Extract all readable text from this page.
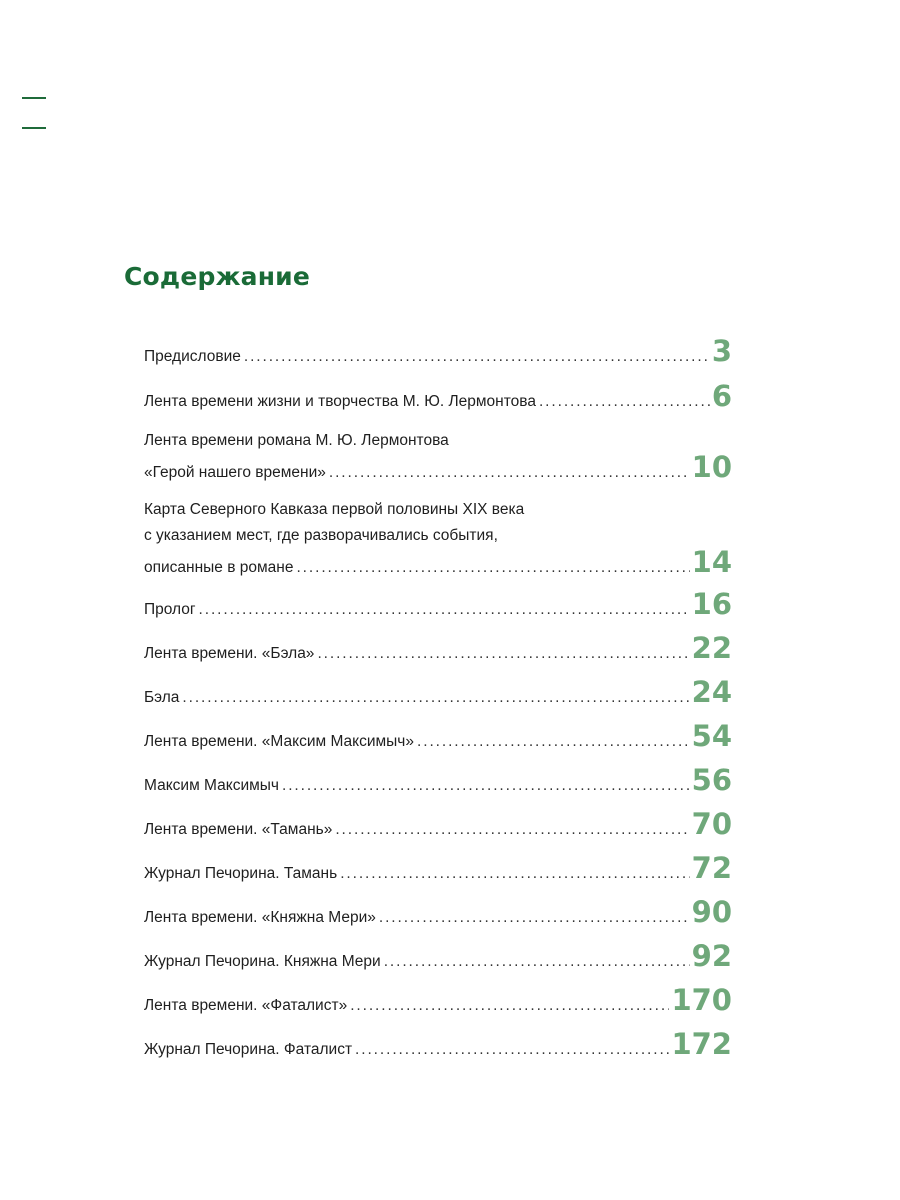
Содержание
Предисловие . . .	3
Лента времени жизни и творчества М. Ю. Лермонтова . . .	6
Лента времени романа М. Ю. Лермонтова
«Герой нашего времени» . . .	10
Карта Северного Кавказа первой половины XIX века
с указанием мест, где разворачивались события,
описанные в романе . . .	14
Пролог . . .	16
Лента времени. «Бэла» . . .	22
Бэла . . .	24
Лента времени. «Максим Максимыч» . . .	54
Максим Максимыч . . .	56
Лента времени. «Тамань» . . .	70
Журнал Печорина. Тамань . . .	72
Лента времени. «Княжна Мери» . . .	90
Журнал Печорина. Княжна Мери . . .	92
Лента времени. «Фаталист» . . .	170
Журнал Печорина. Фаталист . . .	172
